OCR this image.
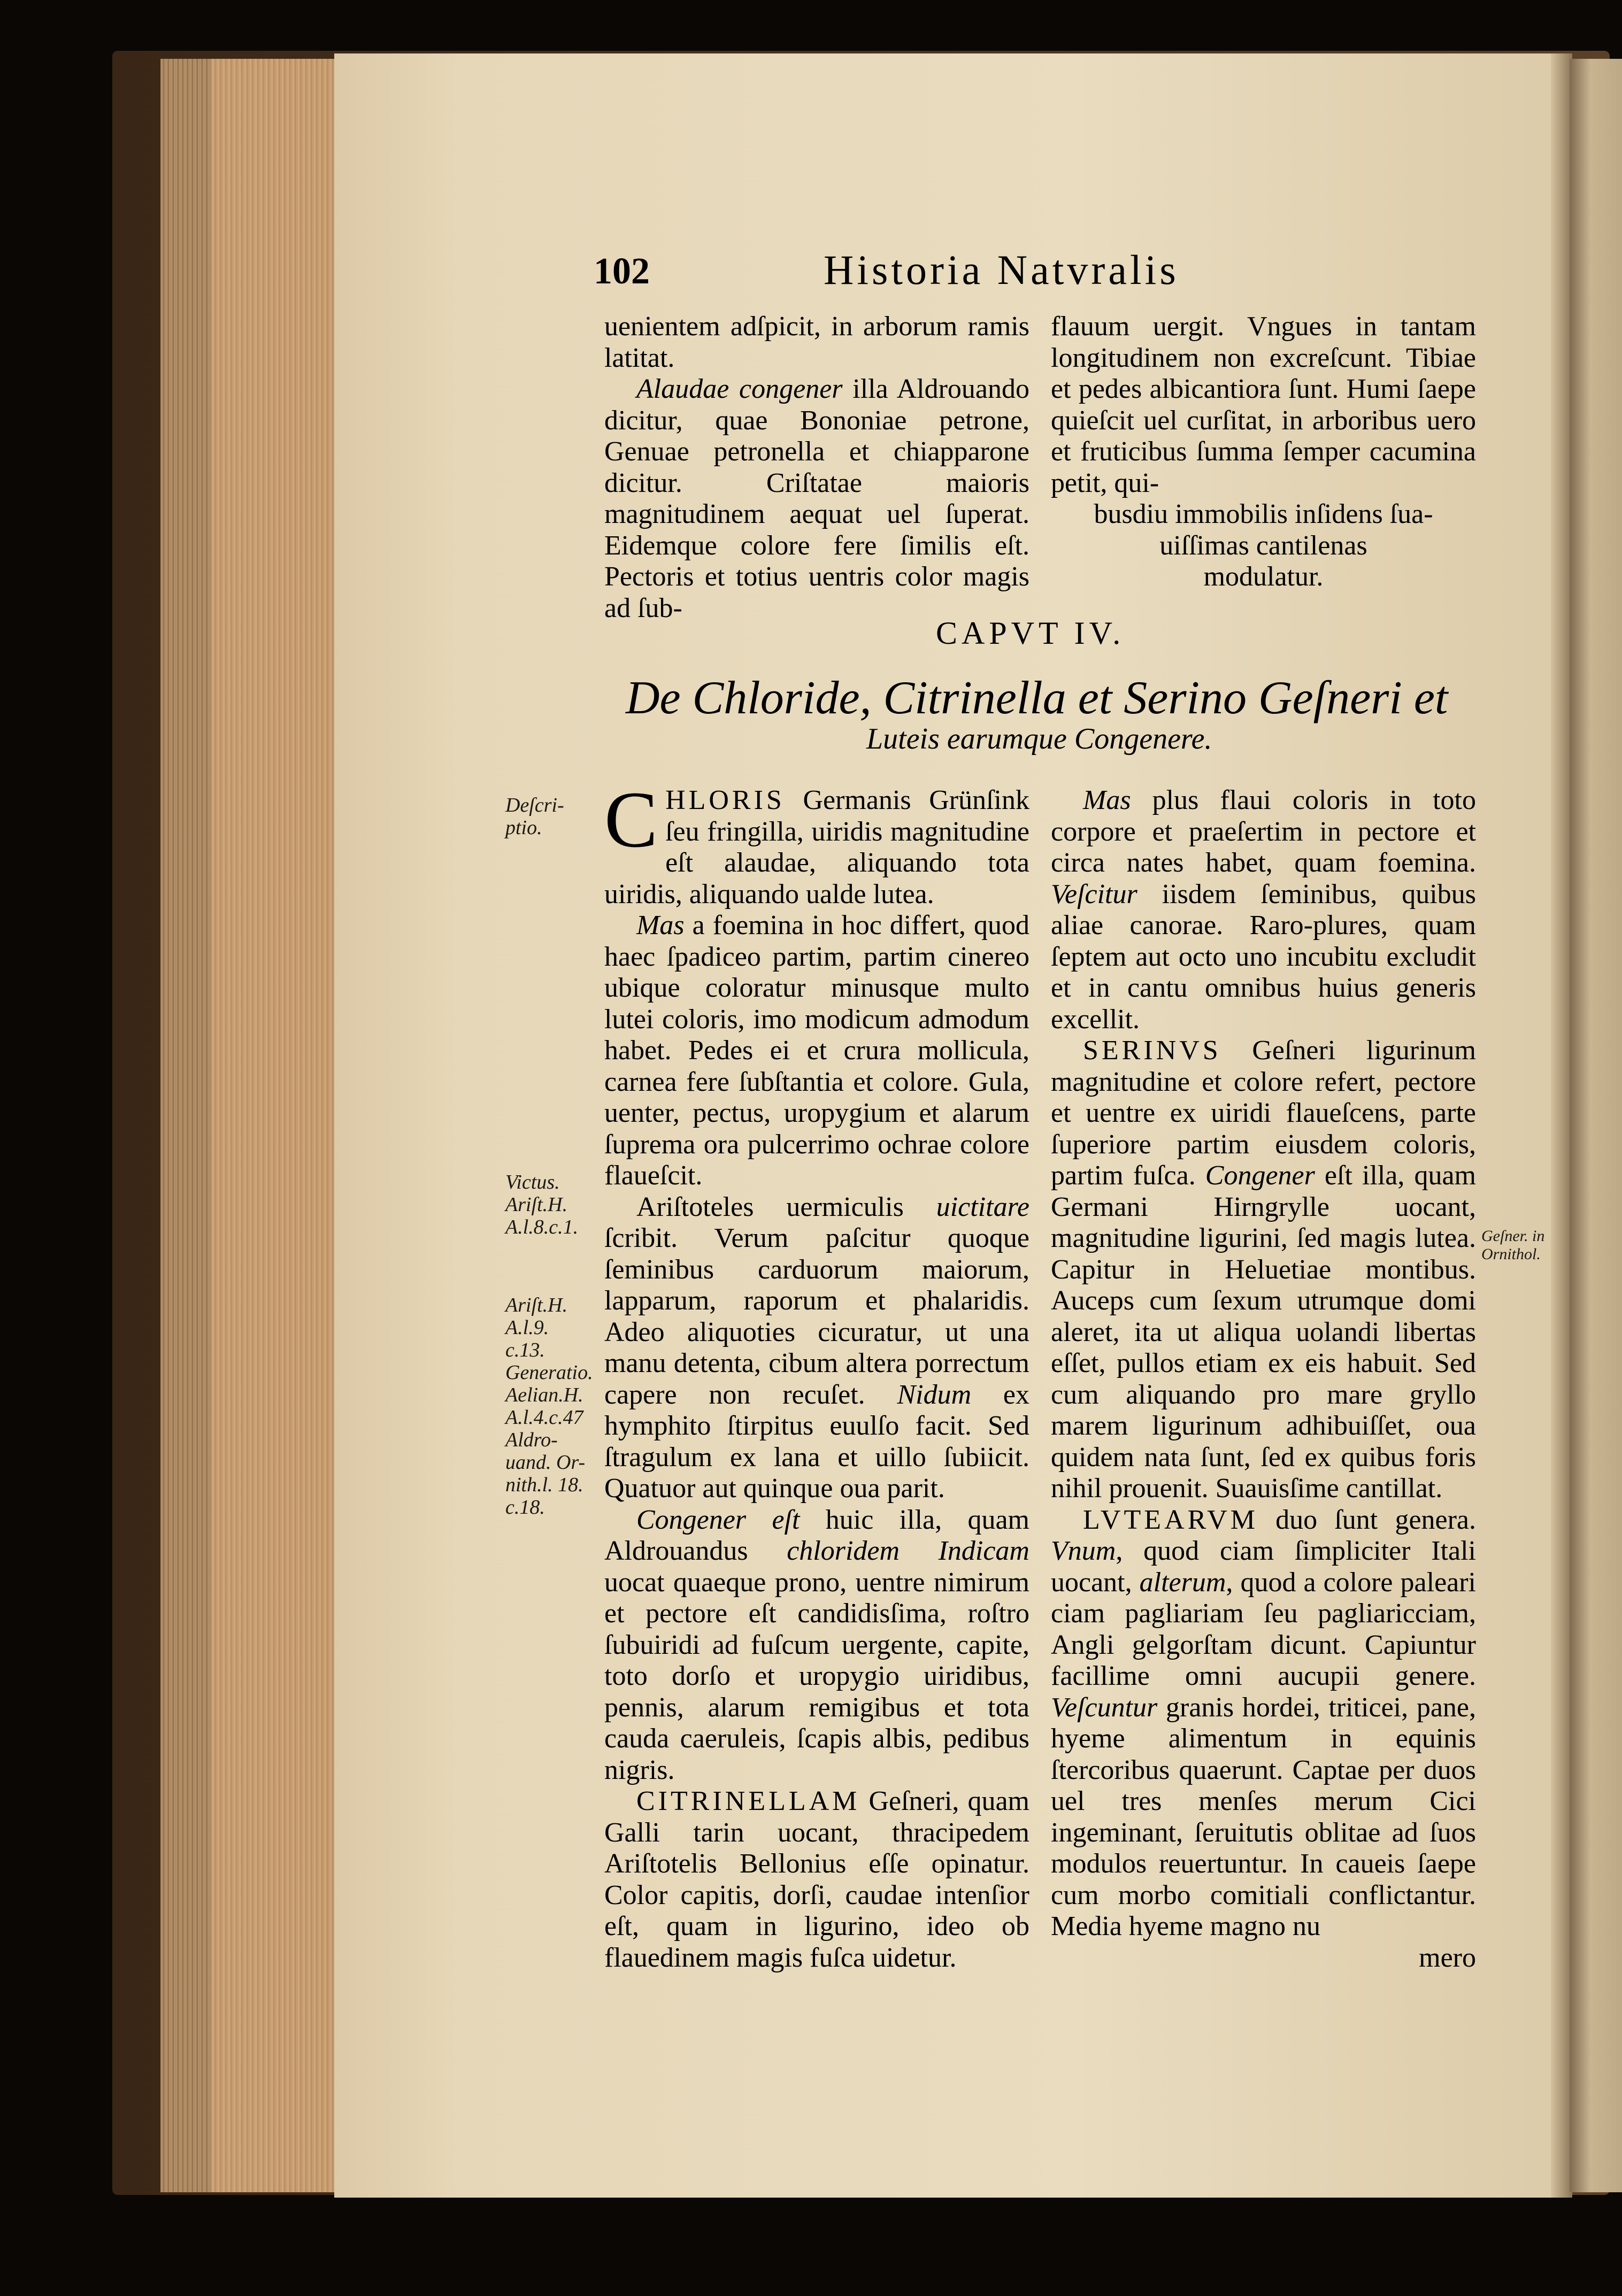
102	Historia Natvralis

uenientem adſpicit, in arborum ramis latitat.

Alaudae congener illa Aldrouando dicitur, quae Bononiae petrone, Genuae petronella et chiapparone dicitur. Criſtatae maioris magnitudinem aequat uel ſuperat. Eidemque colore fere ſimilis eſt. Pectoris et totius uentris color magis ad ſub-

flauum uergit. Vngues in tantam longitudinem non excreſcunt. Tibiae et pedes albicantiora ſunt. Humi ſaepe quieſcit uel curſitat, in arboribus uero et fruticibus ſumma ſemper cacumina petit, qui-

busdiu immobilis inſidens ſua-

uiſſimas cantilenas

modulatur.

CAPVT IV.
De Chloride, Citrinella et Serino Geſneri et
Luteis earumque Congenere.

CHLORIS Germanis Grünſink ſeu fringilla, uiridis magnitudine eſt alaudae, aliquando tota uiridis, aliquando ualde lutea.

Mas a foemina in hoc differt, quod haec ſpadiceo partim, partim cinereo ubique coloratur minusque multo lutei coloris, imo modicum admodum habet. Pedes ei et crura mollicula, carnea fere ſubſtantia et colore. Gula, uenter, pectus, uropygium et alarum ſuprema ora pulcerrimo ochrae colore flaueſcit.

Ariſtoteles uermiculis uictitare ſcribit. Verum paſcitur quoque ſeminibus carduorum maiorum, lapparum, raporum et phalaridis. Adeo aliquoties cicuratur, ut una manu detenta, cibum altera porrectum capere non recuſet. Nidum ex hymphito ſtirpitus euulſo facit. Sed ſtragulum ex lana et uillo ſubiicit. Quatuor aut quinque oua parit.

Congener eſt huic illa, quam Aldrouandus chloridem Indicam uocat quaeque prono, uentre nimirum et pectore eſt candidisſima, roſtro ſubuiridi ad fuſcum uergente, capite, toto dorſo et uropygio uiridibus, pennis, alarum remigibus et tota cauda caeruleis, ſcapis albis, pedibus nigris.

CITRINELLAM Geſneri, quam Galli tarin uocant, thracipedem Ariſtotelis Bellonius eſſe opinatur. Color capitis, dorſi, caudae intenſior eſt, quam in ligurino, ideo ob flauedinem magis fuſca uidetur.

Mas plus flaui coloris in toto corpore et praeſertim in pectore et circa nates habet, quam foemina. Veſcitur iisdem ſeminibus, quibus aliae canorae. Raro-plures, quam ſeptem aut octo uno incubitu excludit et in cantu omnibus huius generis excellit.

SERINVS Geſneri ligurinum magnitudine et colore refert, pectore et uentre ex uiridi flaueſcens, parte ſuperiore partim eiusdem coloris, partim fuſca. Congener eſt illa, quam Germani Hirngrylle uocant, magnitudine ligurini, ſed magis lutea. Capitur in Heluetiae montibus. Auceps cum ſexum utrumque domi aleret, ita ut aliqua uolandi libertas eſſet, pullos etiam ex eis habuit. Sed cum aliquando pro mare gryllo marem ligurinum adhibuiſſet, oua quidem nata ſunt, ſed ex quibus foris nihil prouenit. Suauisſime cantillat.

LVTEARVM duo ſunt genera. Vnum, quod ciam ſimpliciter Itali uocant, alterum, quod a colore paleari ciam pagliariam ſeu pagliaricciam, Angli gelgorſtam dicunt. Capiuntur facillime omni aucupii genere. Veſcuntur granis hordei, triticei, pane, hyeme alimentum in equinis ſtercoribus quaerunt. Captae per duos uel tres menſes merum Cici ingeminant, ſeruitutis oblitae ad ſuos modulos reuertuntur. In caueis ſaepe cum morbo comitiali conflictantur. Media hyeme magno nu

mero

Deſcri-
ptio.
Victus.
Ariſt.H.
A.l.8.c.1.
Ariſt.H.
A.l.9.
c.13.
Generatio.
Aelian.H.
A.l.4.c.47
Aldro-
uand. Or-
nith.l. 18.
c.18.
Geſner. in
Ornithol.
